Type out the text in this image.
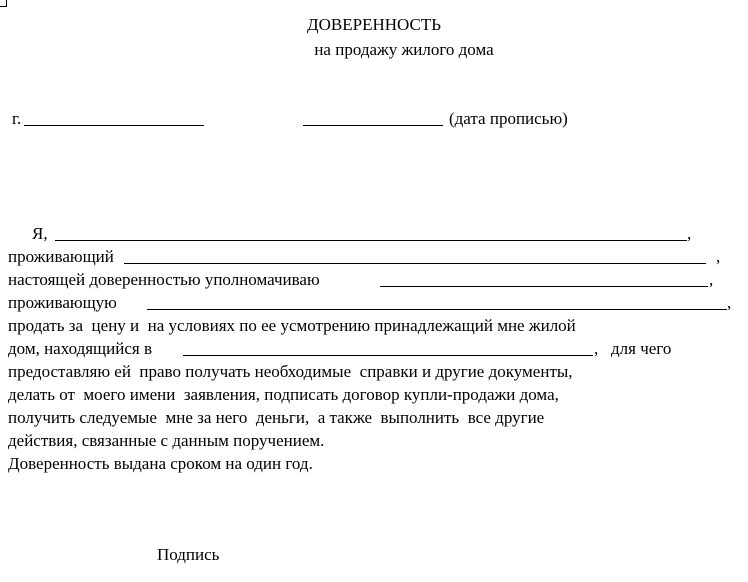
ДОВЕРЕННОСТЬ
на продажу жилого дома
г.	(дата прописью)
Я,	,
проживающий	,
настоящей доверенностью уполномачиваю	,
проживающую	,
продать за  цену и  на условиях по ее усмотрению принадлежащий мне жилой
дом, находящийся в	,   для чего
предоставляю ей  право получать необходимые  справки и другие документы,
делать от  моего имени  заявления, подписать договор купли-продажи дома,
получить следуемые  мне за него  деньги,  а также  выполнить  все другие
действия, связанные с данным поручением.
Доверенность выдана сроком на один год.
Подпись
